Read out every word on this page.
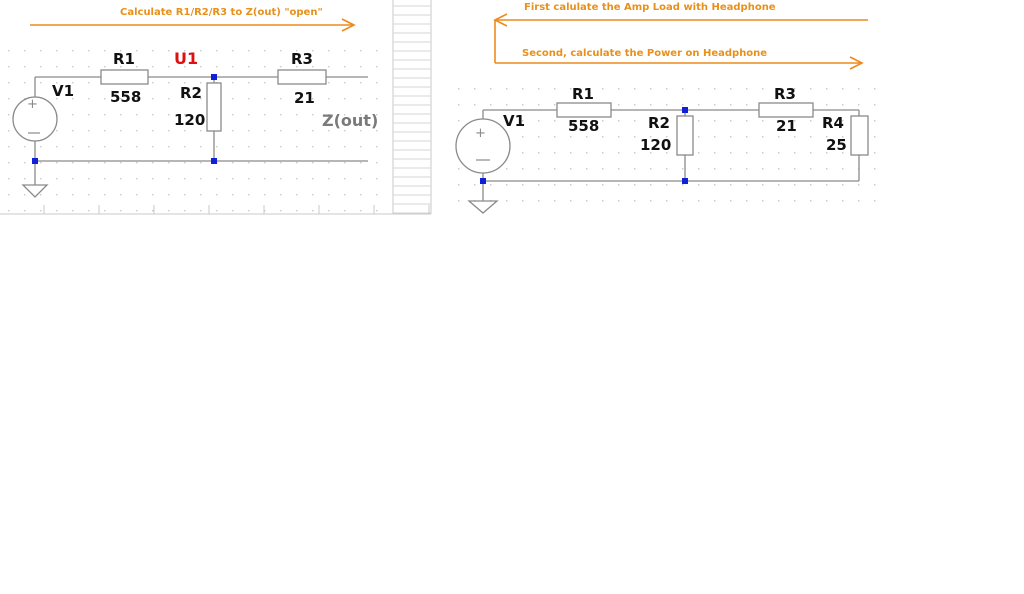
Calculate R1/R2/R3 to Z(out) "open"
+
V1
R1
558	R2
120
R3
21
U1
Z(out)
First calulate the Amp Load with Headphone
Second, calculate the Power on Headphone
+
V1
R1
558	R2
120
R3
21 R4
25
